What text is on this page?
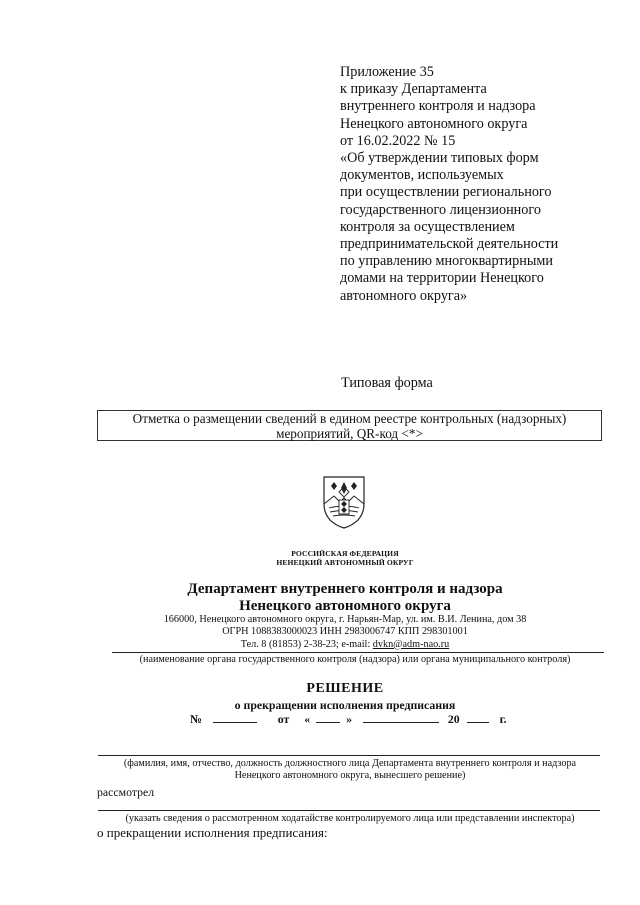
Приложение 35
к приказу Департамента
внутреннего контроля и надзора
Ненецкого автономного округа
от 16.02.2022 № 15
«Об утверждении типовых форм
документов, используемых
при осуществлении регионального
государственного лицензионного
контроля за осуществлением
предпринимательской деятельности
по управлению многоквартирными
домами на территории Ненецкого
автономного округа»
Типовая форма
Отметка о размещении сведений в едином реестре контрольных (надзорных)
мероприятий, QR-код <*>
РОССИЙСКАЯ ФЕДЕРАЦИЯ
НЕНЕЦКИЙ АВТОНОМНЫЙ ОКРУГ
Департамент внутреннего контроля и надзора
Ненецкого автономного округа
166000, Ненецкого автономного округа, г. Нарьян-Мар, ул. им. В.И. Ленина, дом 38
ОГРН 1088383000023 ИНН 2983006747 КПП 298301001
Тел. 8 (81853) 2-38-23; e-mail: dvkn@adm-nao.ru
(наименование органа государственного контроля (надзора) или органа муниципального контроля)
РЕШЕНИЕ
о прекращении исполнения предписания
№	от «	»	20	г.
(фамилия, имя, отчество, должность должностного лица Департамента внутреннего контроля и надзора
Ненецкого автономного округа, вынесшего решение)
рассмотрел
(указать сведения о рассмотренном ходатайстве контролируемого лица или представлении инспектора)
о прекращении исполнения предписания:
